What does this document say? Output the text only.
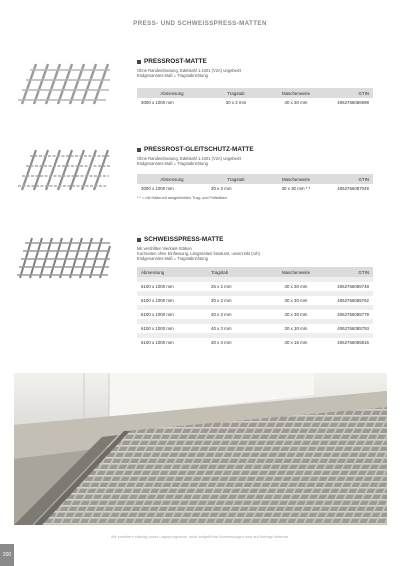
PRESS- UND SCHWEISSPRESS-MATTEN
PRESSROST-MATTE
Ohne Randeinfassung, Edelstahl 1.4301 (V2A) ungebeizt
Endgenanntes Maß = Tragstabrichtung
Abmessung	Tragstab	Maschenweite	GTIN
3000 x 1000 mm	30 x 2 mm	30 x 30 mm	4062766086998
PRESSROST-GLEITSCHUTZ-MATTE
Ohne Randeinfassung, Edelstahl 1.4301 (V2A) ungebeizt
Endgenanntes Maß = Tragstabrichtung
Abmessung	Tragstab	Maschenweite	GTIN
3000 x 1000 mm	30 x 3 mm	30 x 30 mm * *	4062766087049
* * = mit Halbrund ausgeklinkten Trag- und Füllstäben
SCHWEISSPRESS-MATTE
Mit verdrillten Vierkant-Stäben
Kurzseiten ohne Einfassung, Längsseiten besäumt, unverzinkt (roh)
Endgenanntes Maß = Tragstabrichtung
Abmessung	Tragstab	Maschenweite	GTIN

6100 x 1000 mm	25 x 2 mm	30 x 30 mm	4062766085748

6100 x 1000 mm	30 x 2 mm	30 x 30 mm	4062766085762

6100 x 1000 mm	30 x 3 mm	30 x 30 mm	4062766085779

6100 x 1000 mm	40 x 3 mm	30 x 30 mm	4062766085793

6100 x 1000 mm	30 x 3 mm	30 x 15 mm	4062766085816
Wir erweitern ständig unser Lagerprogramm, nicht aufgeführte Abmessungen sind auf Anfrage lieferbar.
200
